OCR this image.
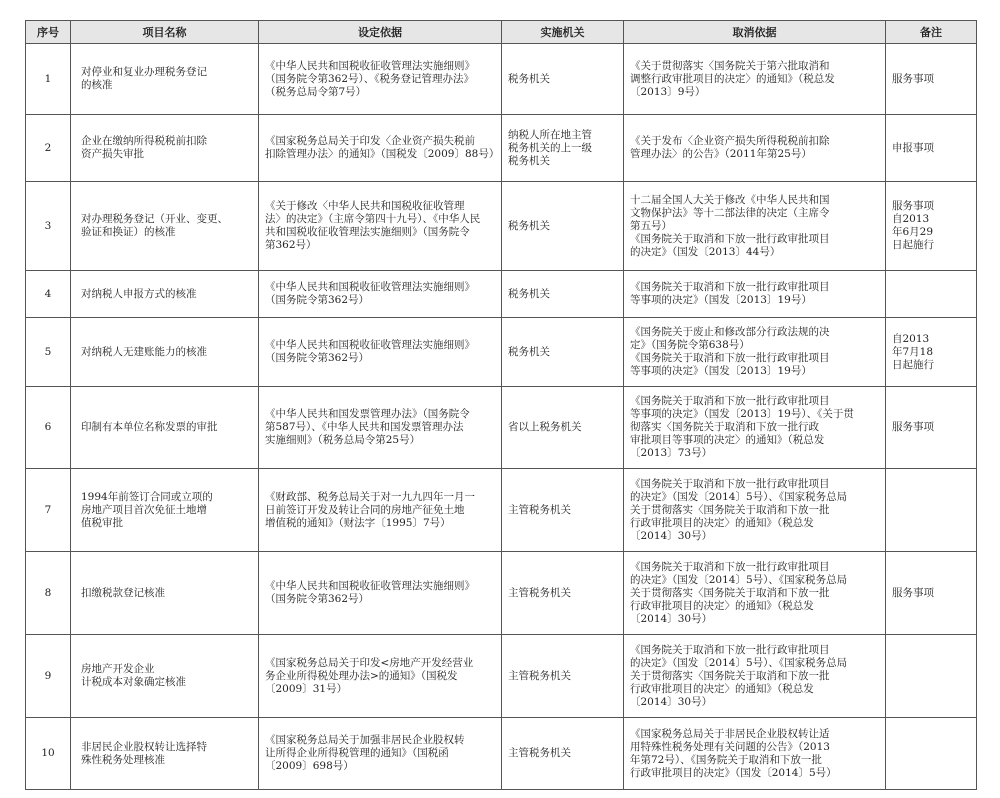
序号	项目名称	设定依据	实施机关	取消依据	备注
1	对停业和复业办理税务登记
的核准	《中华人民共和国税收征收管理法实施细则》
（国务院令第362号）、《税务登记管理办法》
（税务总局令第7号）	税务机关	《关于贯彻落实〈国务院关于第六批取消和
调整行政审批项目的决定〉的通知》（税总发
〔2013〕9号）	服务事项
2	企业在缴纳所得税税前扣除
资产损失审批	《国家税务总局关于印发〈企业资产损失税前
扣除管理办法〉的通知》（国税发〔2009〕88号）	纳税人所在地主管
税务机关的上一级
税务机关	《关于发布〈企业资产损失所得税税前扣除
管理办法〉的公告》（2011年第25号）	申报事项
3	对办理税务登记（开业、变更、
验证和换证）的核准	《关于修改〈中华人民共和国税收征收管理
法〉的决定》（主席令第四十九号）、《中华人民
共和国税收征收管理法实施细则》（国务院令
第362号）	税务机关	十二届全国人大关于修改《中华人民共和国
文物保护法》等十二部法律的决定（主席令
第五号）
《国务院关于取消和下放一批行政审批项目
的决定》（国发〔2013〕44号）	服务事项
自2013
年6月29
日起施行
4	对纳税人申报方式的核准	《中华人民共和国税收征收管理法实施细则》
（国务院令第362号）	税务机关	《国务院关于取消和下放一批行政审批项目
等事项的决定》（国发〔2013〕19号）	
5	对纳税人无建账能力的核准	《中华人民共和国税收征收管理法实施细则》
（国务院令第362号）	税务机关	《国务院关于废止和修改部分行政法规的决
定》（国务院令第638号）
《国务院关于取消和下放一批行政审批项目
等事项的决定》（国发〔2013〕19号）	自2013
年7月18
日起施行
6	印制有本单位名称发票的审批	《中华人民共和国发票管理办法》（国务院令
第587号）、《中华人民共和国发票管理办法
实施细则》（税务总局令第25号）	省以上税务机关	《国务院关于取消和下放一批行政审批项目
等事项的决定》（国发〔2013〕19号）、《关于贯
彻落实〈国务院关于取消和下放一批行政
审批项目等事项的决定〉的通知》（税总发
〔2013〕73号）	服务事项
7	1994年前签订合同或立项的
房地产项目首次免征土地增
值税审批	《财政部、税务总局关于对一九九四年一月一
日前签订开发及转让合同的房地产征免土地
增值税的通知》（财法字〔1995〕7号）	主管税务机关	《国务院关于取消和下放一批行政审批项目
的决定》（国发〔2014〕5号）、《国家税务总局
关于贯彻落实〈国务院关于取消和下放一批
行政审批项目的决定〉的通知》（税总发
〔2014〕30号）	
8	扣缴税款登记核准	《中华人民共和国税收征收管理法实施细则》
（国务院令第362号）	主管税务机关	《国务院关于取消和下放一批行政审批项目
的决定》（国发〔2014〕5号）、《国家税务总局
关于贯彻落实〈国务院关于取消和下放一批
行政审批项目的决定〉的通知》（税总发
〔2014〕30号）	服务事项
9	房地产开发企业
计税成本对象确定核准	《国家税务总局关于印发<房地产开发经营业
务企业所得税处理办法>的通知》（国税发
〔2009〕31号）	主管税务机关	《国务院关于取消和下放一批行政审批项目
的决定》（国发〔2014〕5号）、《国家税务总局
关于贯彻落实〈国务院关于取消和下放一批
行政审批项目的决定〉的通知》（税总发
〔2014〕30号）	
10	非居民企业股权转让选择特
殊性税务处理核准	《国家税务总局关于加强非居民企业股权转
让所得企业所得税管理的通知》（国税函
〔2009〕698号）	主管税务机关	《国家税务总局关于非居民企业股权转让适
用特殊性税务处理有关问题的公告》（2013
年第72号）、《国务院关于取消和下放一批
行政审批项目的决定》（国发〔2014〕5号）	
